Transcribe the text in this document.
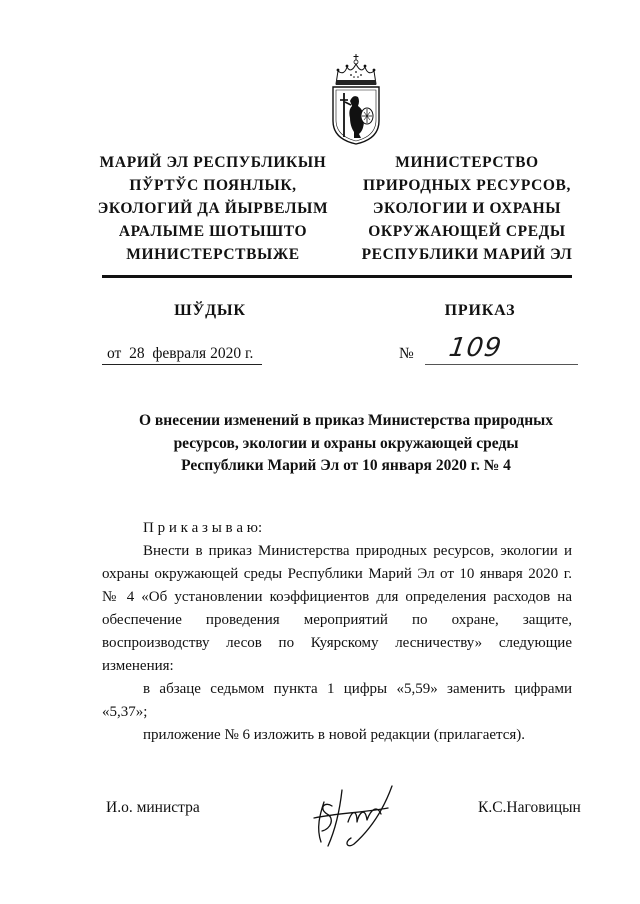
МАРИЙ ЭЛ РЕСПУБЛИКЫН
ПЎРТЎС ПОЯНЛЫК,
ЭКОЛОГИЙ ДА ЙЫРВЕЛЫМ
АРАЛЫМЕ ШОТЫШТО
МИНИСТЕРСТВЫЖЕ
МИНИСТЕРСТВО
ПРИРОДНЫХ РЕСУРСОВ,
ЭКОЛОГИИ И ОХРАНЫ
ОКРУЖАЮЩЕЙ СРЕДЫ
РЕСПУБЛИКИ МАРИЙ ЭЛ
ШЎДЫК	ПРИКАЗ
от  28  февраля 2020 г.	№ 109
О внесении изменений в приказ Министерства природных
ресурсов, экологии и охраны окружающей среды
Республики Марий Эл от 10 января 2020 г. № 4
П р и к а з ы в а ю:
Внести в приказ Министерства природных ресурсов, экологии и
охраны окружающей среды Республики Марий Эл от 10 января 2020 г.
№ 4 «Об установлении коэффициентов для определения расходов на
обеспечение проведения мероприятий по охране, защите,
воспроизводству лесов по Куярскому лесничеству» следующие
изменения:
в абзаце седьмом пункта 1 цифры «5,59» заменить цифрами
«5,37»;
приложение № 6 изложить в новой редакции (прилагается).
И.о. министра	К.С.Наговицын
